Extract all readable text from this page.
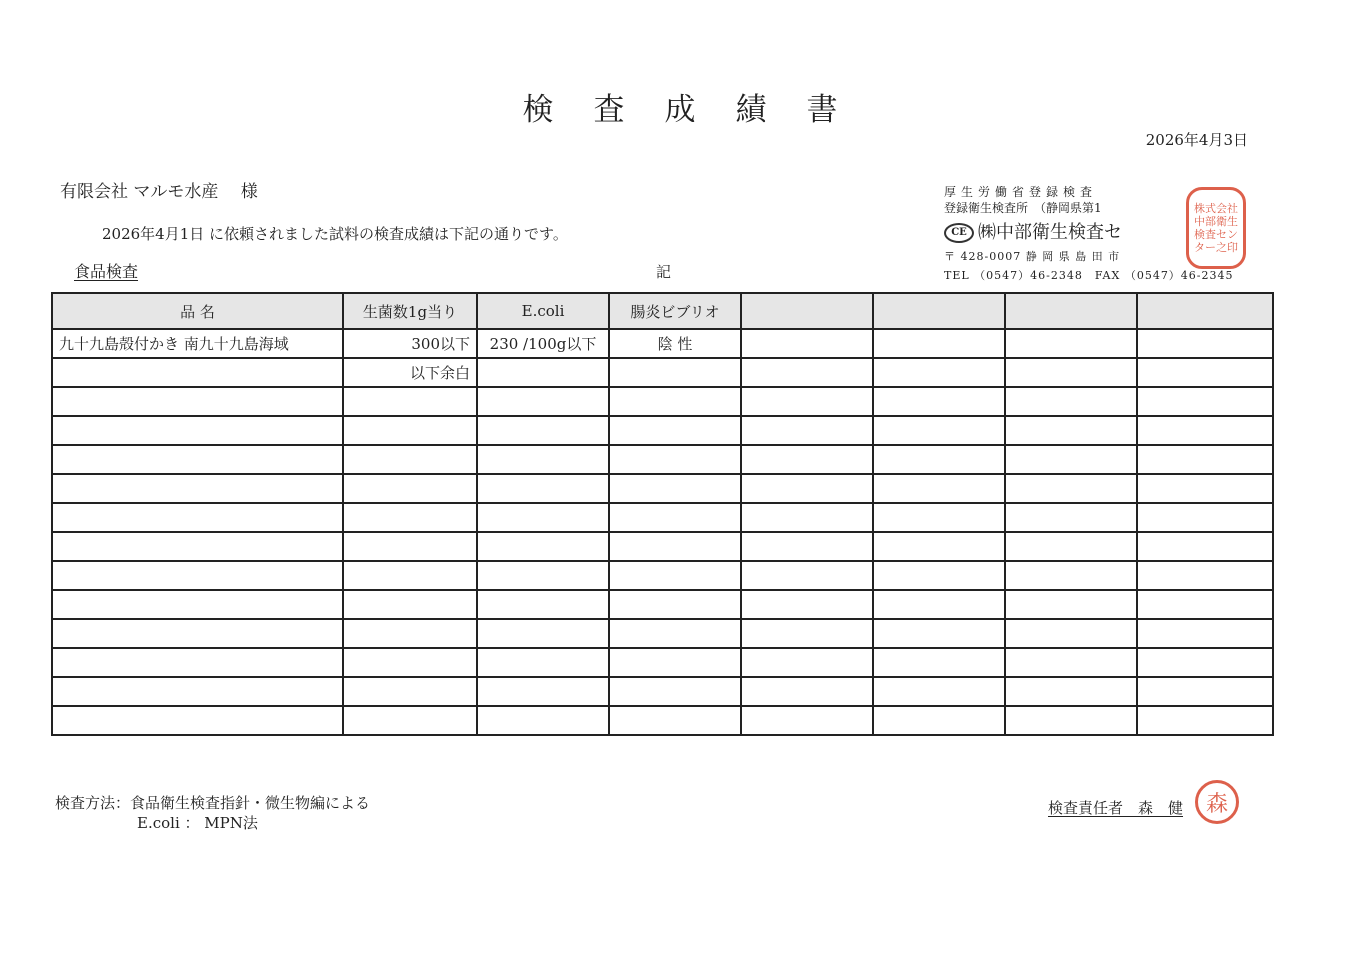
検査成績書
2026年4月3日
有限会社 マルモ水産　 様
2026年4月1日 に依頼されました試料の検査成績は下記の通りです。
食品検査	記
厚生労働省登録検査
登録衛生検査所　（静岡県第1
CE ㈱中部衛生検査セ
〒 428-0007 静 岡 県 島 田 市
TEL （0547）46-2348　FAX （0547）46-2345
株 式 会 社
中 部 衛 生
検 査 セ ン
タ ー 之 印
品 名	生菌数1g当り	E.coli	腸炎ビブリオ				
九十九島殻付かき 南九十九島海域	300以下	230 /100g以下	陰 性				
	以下余白						

検査方法：食品衛生検査指針・微生物編による
E.coli ： MPN法
検査責任者　森　健	森
